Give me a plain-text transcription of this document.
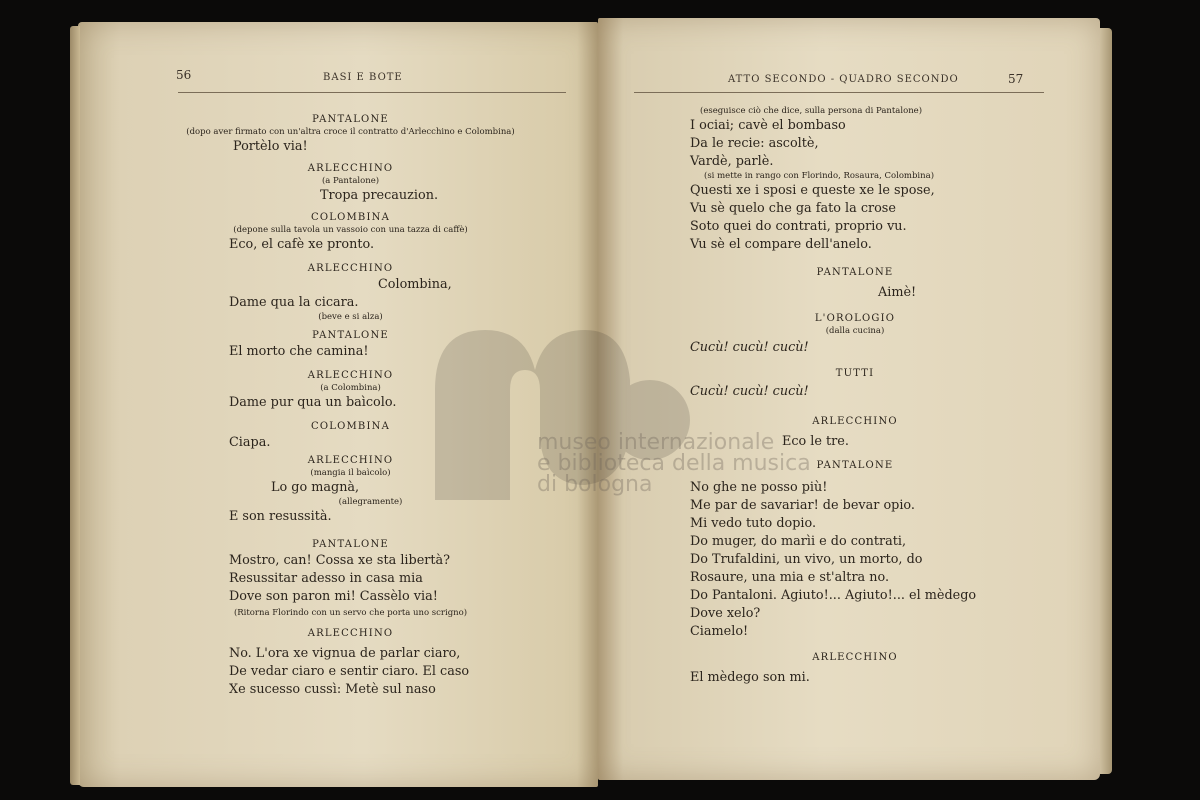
56	BASI E BOTE
PANTALONE
(dopo aver firmato con un'altra croce il contratto d'Arlecchino e Colombina)
Portèlo via!
ARLECCHINO
(a Pantalone)
Tropa precauzion.
COLOMBINA
(depone sulla tavola un vassoio con una tazza di caffè)
Eco, el cafè xe pronto.
ARLECCHINO
Colombina,
Dame qua la cicara.
(beve e si alza)
PANTALONE
El morto che camina!
ARLECCHINO
(a Colombina)
Dame pur qua un baìcolo.
COLOMBINA
Ciapa.
ARLECCHINO
(mangia il baìcolo)
Lo go magnà,
(allegramente)
E son resussità.
PANTALONE
Mostro, can! Cossa xe sta libertà?
Resussitar adesso in casa mia
Dove son paron mi! Cassèlo via!
(Ritorna Florindo con un servo che porta uno scrigno)
ARLECCHINO
No. L'ora xe vignua de parlar ciaro,
De vedar ciaro e sentir ciaro. El caso
Xe sucesso cussì: Metè sul naso
ATTO SECONDO - QUADRO SECONDO	57
(eseguisce ciò che dice, sulla persona di Pantalone)
I ociai; cavè el bombaso
Da le recie: ascoltè,
Vardè, parlè.
(si mette in rango con Florindo, Rosaura, Colombina)
Questi xe i sposi e queste xe le spose,
Vu sè quelo che ga fato la crose
Soto quei do contrati, proprio vu.
Vu sè el compare dell'anelo.
PANTALONE
Aimè!
L'OROLOGIO
(dalla cucina)
Cucù! cucù! cucù!
TUTTI
Cucù! cucù! cucù!
ARLECCHINO
Eco le tre.
PANTALONE
No ghe ne posso più!
Me par de savariar! de bevar opio.
Mi vedo tuto dopio.
Do muger, do marìi e do contrati,
Do Trufaldini, un vivo, un morto, do
Rosaure, una mia e st'altra no.
Do Pantaloni. Agiuto!... Agiuto!... el mèdego
Dove xelo?
Ciamelo!
ARLECCHINO
El mèdego son mi.
museo internazionale
e biblioteca della musica
di bologna
